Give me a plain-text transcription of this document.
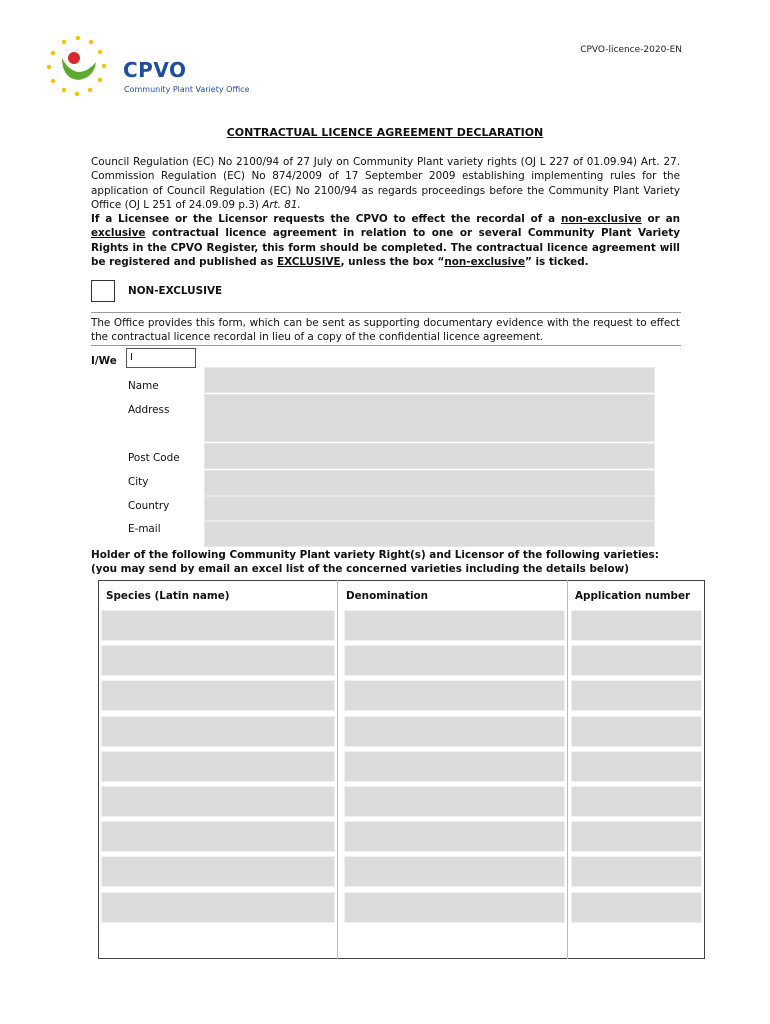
CPVO-licence-2020-EN
CPVO
Community Plant Variety Office
CONTRACTUAL LICENCE AGREEMENT DECLARATION
Council Regulation (EC) No 2100/94 of 27 July on Community Plant variety rights (OJ L 227 of 01.09.94) Art. 27. Commission Regulation (EC) No 874/2009 of 17 September 2009 establishing implementing rules for the application of Council Regulation (EC) No 2100/94 as regards proceedings before the Community Plant Variety Office (OJ L 251 of 24.09.09 p.3) Art. 81.
If a Licensee or the Licensor requests the CPVO to effect the recordal of a non-exclusive or an exclusive contractual licence agreement in relation to one or several Community Plant Variety Rights in the CPVO Register, this form should be completed. The contractual licence agreement will be registered and published as EXCLUSIVE, unless the box “non-exclusive” is ticked.
NON-EXCLUSIVE
The Office provides this form, which can be sent as supporting documentary evidence with the request to effect the contractual licence recordal in lieu of a copy of the confidential licence agreement.
I/We	I
Name
Address
Post Code
City
Country
E-mail
Holder of the following Community Plant variety Right(s) and Licensor of the following varieties:
(you may send by email an excel list of the concerned varieties including the details below)
Species (Latin name)	Denomination	Application number
